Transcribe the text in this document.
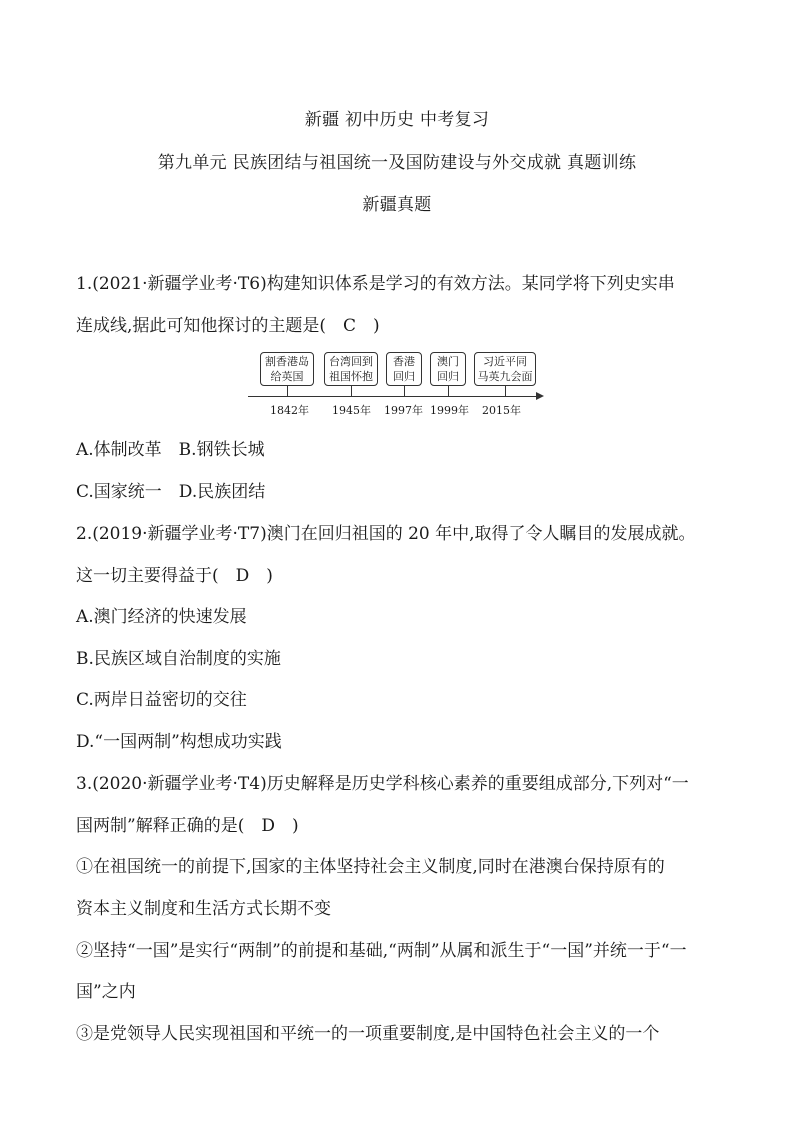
新疆 初中历史 中考复习
第九单元 民族团结与祖国统一及国防建设与外交成就 真题训练
新疆真题
1.(2021·新疆学业考·T6)构建知识体系是学习的有效方法。某同学将下列史实串
连成线,据此可知他探讨的主题是(　C　)
割香港岛
给英国
台湾回到
祖国怀抱
香港
回归
澳门
回归
习近平同
马英九会面
1842年 1945年 1997年 1999年 2015年
A.体制改革　B.钢铁长城
C.国家统一　D.民族团结
2.(2019·新疆学业考·T7)澳门在回归祖国的 20 年中,取得了令人瞩目的发展成就。
这一切主要得益于(　D　)
A.澳门经济的快速发展
B.民族区域自治制度的实施
C.两岸日益密切的交往
D.“一国两制”构想成功实践
3.(2020·新疆学业考·T4)历史解释是历史学科核心素养的重要组成部分,下列对“一
国两制”解释正确的是(　D　)
①在祖国统一的前提下,国家的主体坚持社会主义制度,同时在港澳台保持原有的
资本主义制度和生活方式长期不变
②坚持“一国”是实行“两制”的前提和基础,“两制”从属和派生于“一国”并统一于“一
国”之内
③是党领导人民实现祖国和平统一的一项重要制度,是中国特色社会主义的一个
